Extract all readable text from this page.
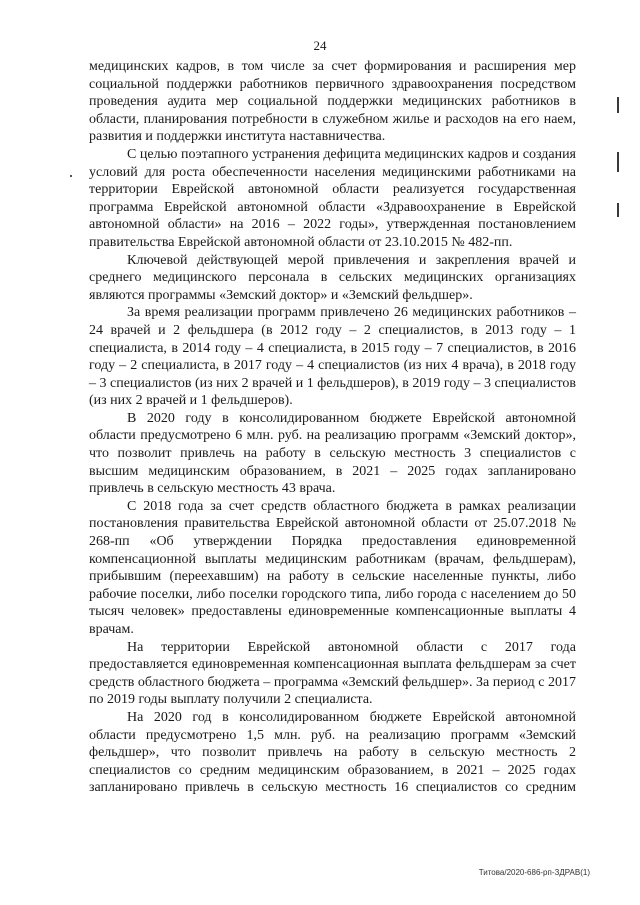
24

медицинских кадров, в том числе за счет формирования и расширения мер социальной поддержки работников первичного здравоохранения посредством проведения аудита мер социальной поддержки медицинских работников в области, планирования потребности в служебном жилье и расходов на его наем, развития и поддержки института наставничества.

С целью поэтапного устранения дефицита медицинских кадров и создания условий для роста обеспеченности населения медицинскими работниками на территории Еврейской автономной области реализуется государственная программа Еврейской автономной области «Здравоохранение в Еврейской автономной области» на 2016 – 2022 годы», утвержденная постановлением правительства Еврейской автономной области от 23.10.2015 № 482-пп.

Ключевой действующей мерой привлечения и закрепления врачей и среднего медицинского персонала в сельских медицинских организациях являются программы «Земский доктор» и «Земский фельдшер».

За время реализации программ привлечено 26 медицинских работников – 24 врачей и 2 фельдшера (в 2012 году – 2 специалистов, в 2013 году – 1 специалиста, в 2014 году – 4 специалиста, в 2015 году – 7 специалистов, в 2016 году – 2 специалиста, в 2017 году – 4 специалистов (из них 4 врача), в 2018 году – 3 специалистов (из них 2 врачей и 1 фельдшеров), в 2019 году – 3 специалистов (из них 2 врачей и 1 фельдшеров).

В 2020 году в консолидированном бюджете Еврейской автономной области предусмотрено 6 млн. руб. на реализацию программ «Земский доктор», что позволит привлечь на работу в сельскую местность 3 специалистов с высшим медицинским образованием, в 2021 – 2025 годах запланировано привлечь в сельскую местность 43 врача.

С 2018 года за счет средств областного бюджета в рамках реализации постановления правительства Еврейской автономной области от 25.07.2018 № 268-пп «Об утверждении Порядка предоставления единовременной компенсационной выплаты медицинским работникам (врачам, фельдшерам), прибывшим (переехавшим) на работу в сельские населенные пункты, либо рабочие поселки, либо поселки городского типа, либо города с населением до 50 тысяч человек» предоставлены единовременные компенсационные выплаты 4 врачам.

На территории Еврейской автономной области с 2017 года предоставляется единовременная компенсационная выплата фельдшерам за счет средств областного бюджета – программа «Земский фельдшер». За период с 2017 по 2019 годы выплату получили 2 специалиста.

На 2020 год в консолидированном бюджете Еврейской автономной области предусмотрено 1,5 млн. руб. на реализацию программ «Земский фельдшер», что позволит привлечь на работу в сельскую местность 2 специалистов со средним медицинским образованием, в 2021 – 2025 годах запланировано привлечь в сельскую местность 16 специалистов со средним

Титова/2020-686-рп-ЗДРАВ(1)
